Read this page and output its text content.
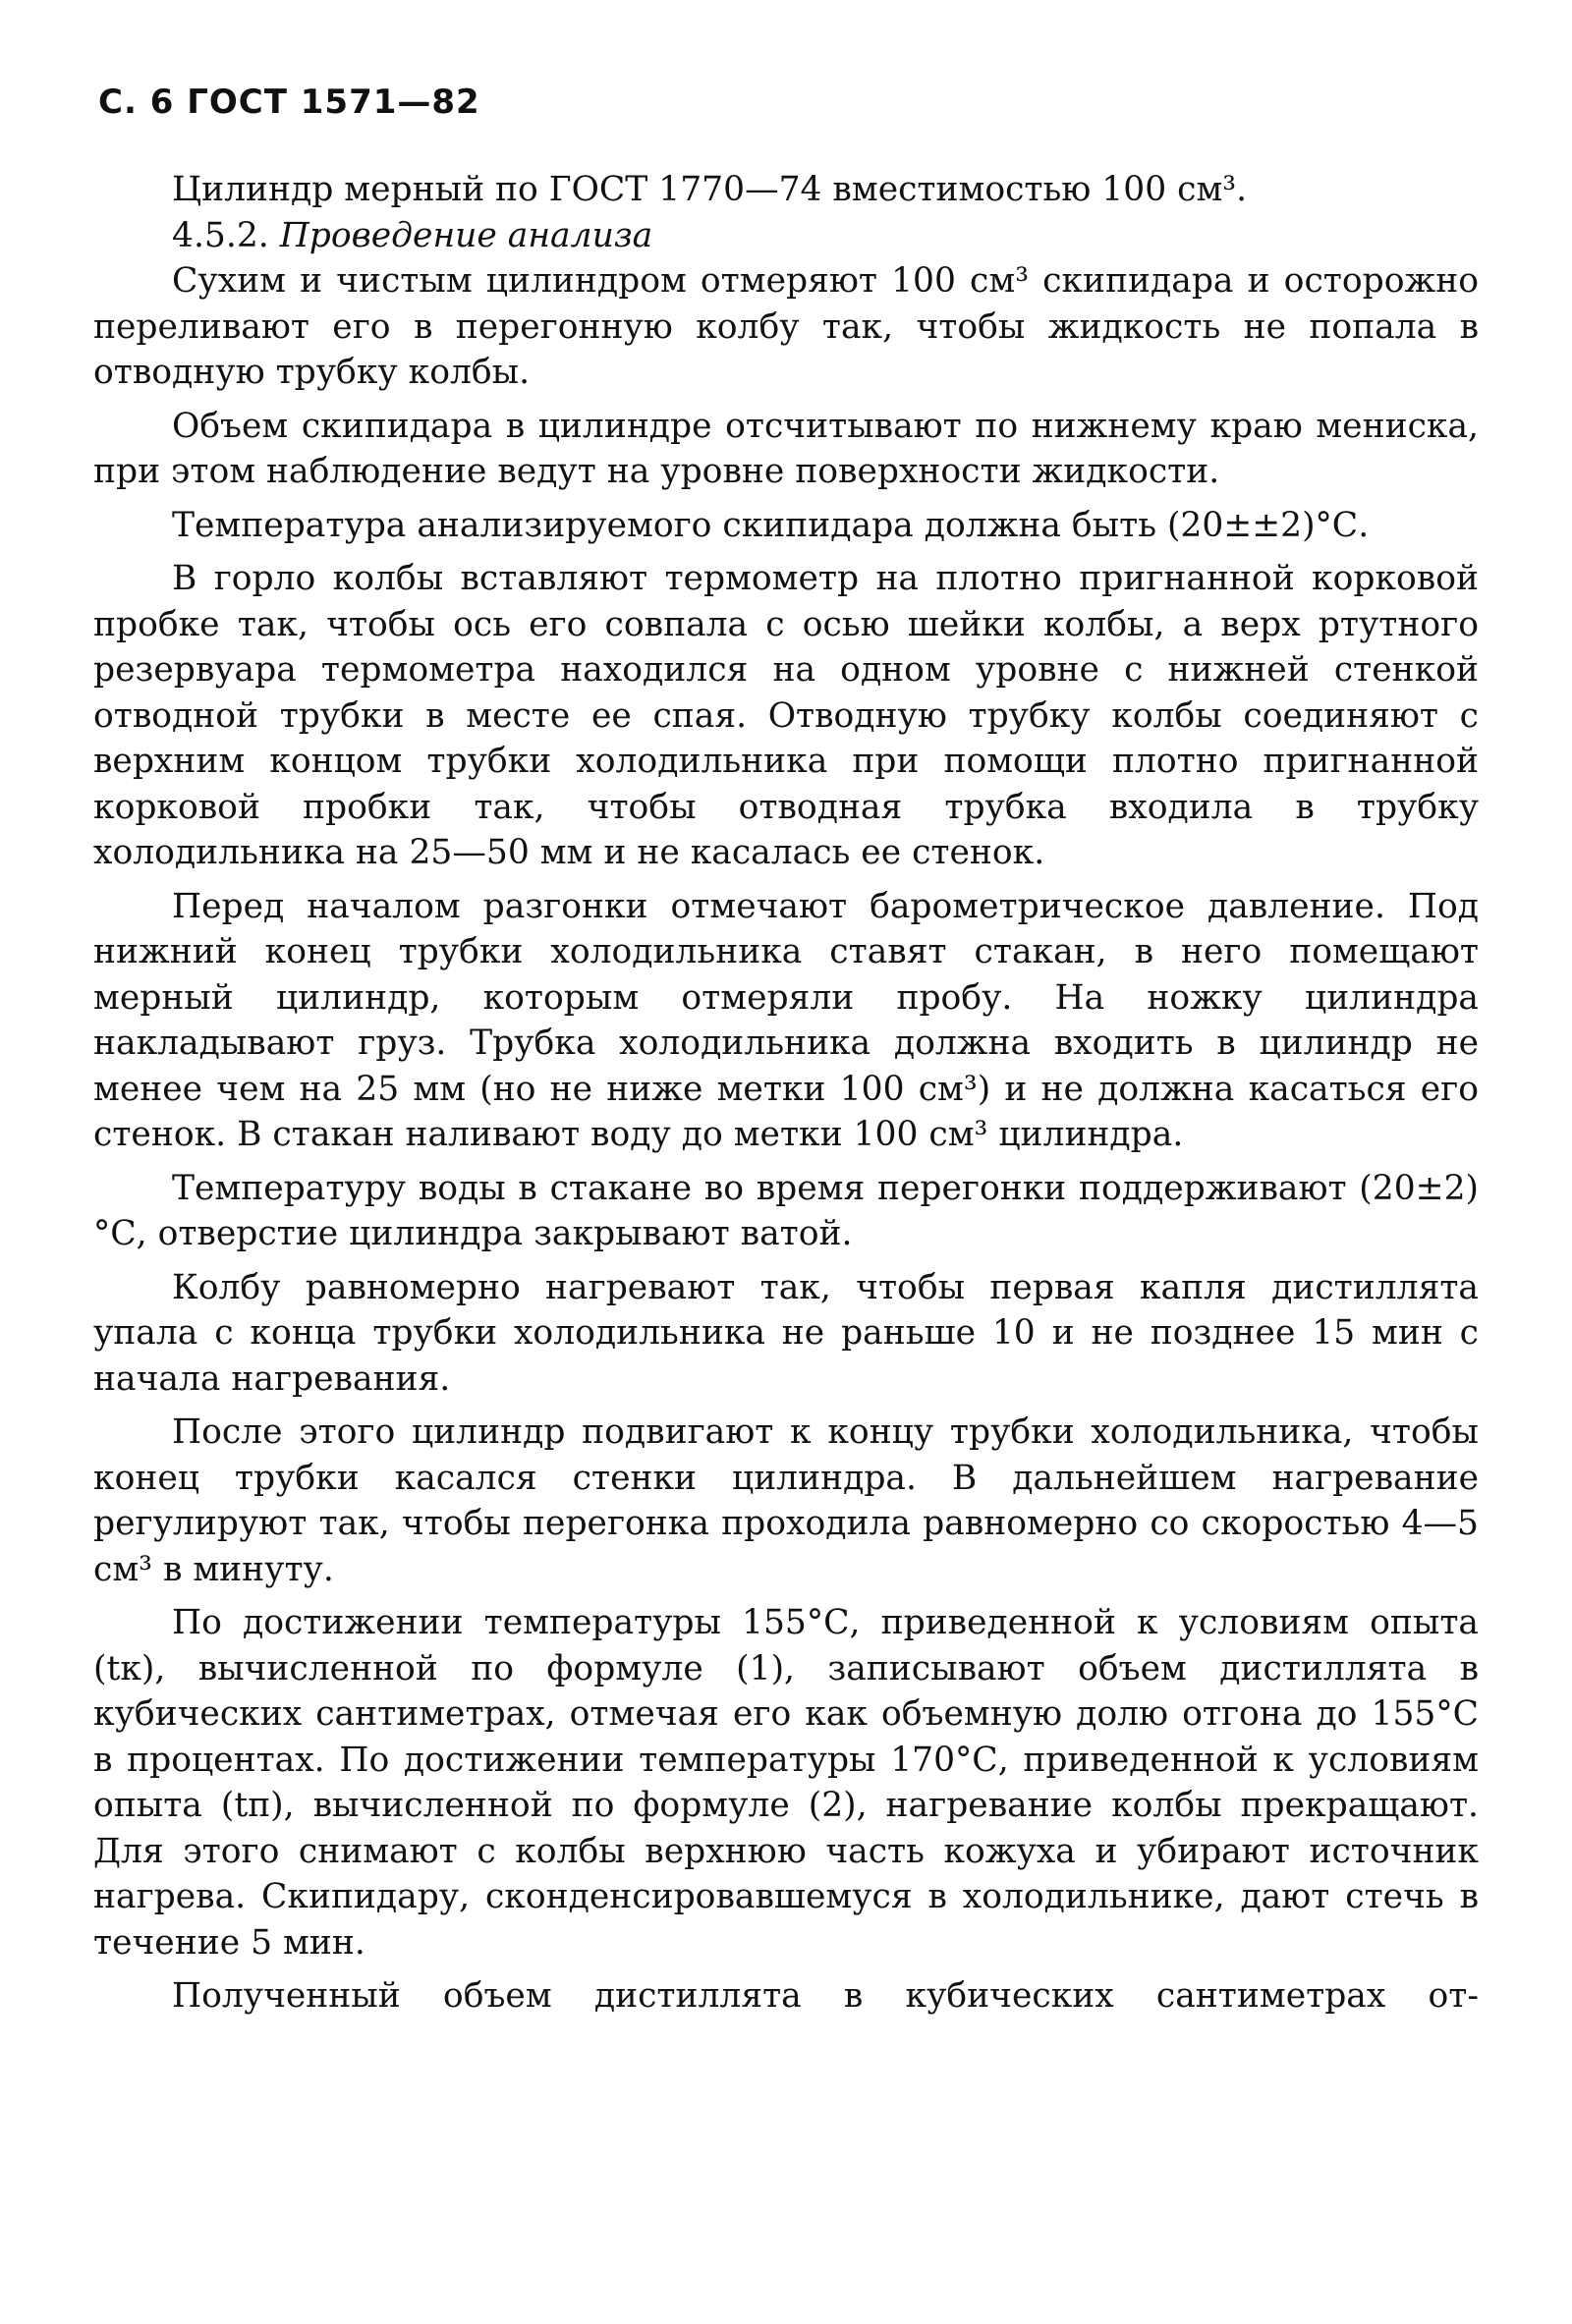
С. 6 ГОСТ 1571—82

Цилиндр мерный по ГОСТ 1770—74 вместимостью 100 см³.

4.5.2. Проведение анализа

Сухим и чистым цилиндром отмеряют 100 см³ скипидара и осторожно переливают его в перегонную колбу так, чтобы жидкость не попала в отводную трубку колбы.

Объем скипидара в цилиндре отсчитывают по нижнему краю мениска, при этом наблюдение ведут на уровне поверхности жидкости.

Температура анализируемого скипидара должна быть (20±±2)°С.

В горло колбы вставляют термометр на плотно пригнанной корковой пробке так, чтобы ось его совпала с осью шейки колбы, а верх ртутного резервуара термометра находился на одном уровне с нижней стенкой отводной трубки в месте ее спая. Отводную трубку колбы соединяют с верхним концом трубки холодильника при помощи плотно пригнанной корковой пробки так, чтобы отводная трубка входила в трубку холодильника на 25—50 мм и не касалась ее стенок.

Перед началом разгонки отмечают барометрическое давление. Под нижний конец трубки холодильника ставят стакан, в него помещают мерный цилиндр, которым отмеряли пробу. На ножку цилиндра накладывают груз. Трубка холодильника должна входить в цилиндр не менее чем на 25 мм (но не ниже метки 100 см³) и не должна касаться его стенок. В стакан наливают воду до метки 100 см³ цилиндра.

Температуру воды в стакане во время перегонки поддерживают (20±2)°С, отверстие цилиндра закрывают ватой.

Колбу равномерно нагревают так, чтобы первая капля дистиллята упала с конца трубки холодильника не раньше 10 и не позднее 15 мин с начала нагревания.

После этого цилиндр подвигают к концу трубки холодильника, чтобы конец трубки касался стенки цилиндра. В дальнейшем нагревание регулируют так, чтобы перегонка проходила равномерно со скоростью 4—5 см³ в минуту.

По достижении температуры 155°С, приведенной к условиям опыта (tк), вычисленной по формуле (1), записывают объем дистиллята в кубических сантиметрах, отмечая его как объемную долю отгона до 155°С в процентах. По достижении температуры 170°С, приведенной к условиям опыта (tп), вычисленной по формуле (2), нагревание колбы прекращают. Для этого снимают с колбы верхнюю часть кожуха и убирают источник нагрева. Скипидару, сконденсировавшемуся в холодильнике, дают стечь в течение 5 мин.

Полученный объем дистиллята в кубических сантиметрах от-
